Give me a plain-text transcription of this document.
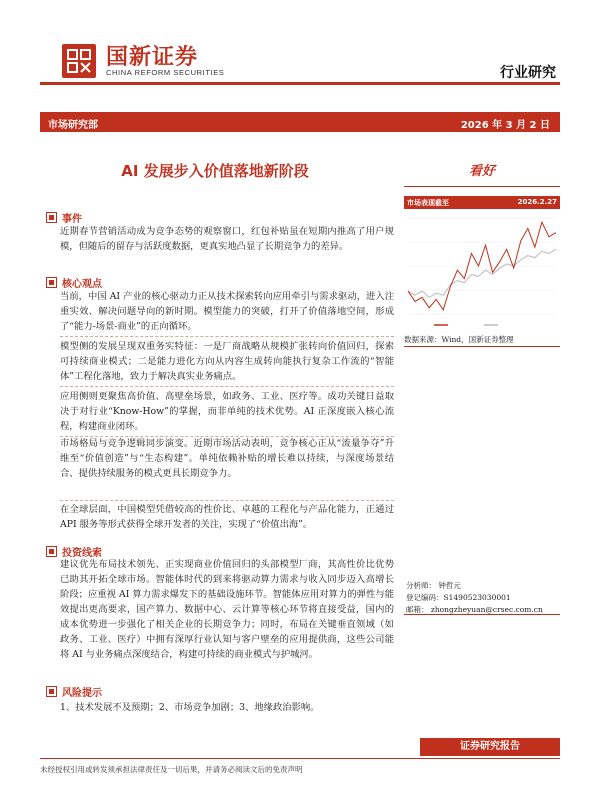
国新证券
CHINA REFORM SECURITIES	行业研究
市场研究部	2026 年 3 月 2 日
AI 发展步入价值落地新阶段	看好
事件
近期春节营销活动成为竞争态势的观察窗口，红包补贴虽在短期内推高了用户规模，但随后的留存与活跃度数据，更真实地凸显了长期竞争力的差异。
核心观点
当前，中国 AI 产业的核心驱动力正从技术探索转向应用牵引与需求驱动，进入注重实效、解决问题导向的新时期。模型能力的突破，打开了价值落地空间，形成了“能力-场景-商业”的正向循环。
模型侧的发展呈现双重务实特征：一是厂商战略从规模扩张转向价值回归，探索可持续商业模式；二是能力进化方向从内容生成转向能执行复杂工作流的“智能体”工程化落地，致力于解决真实业务痛点。
应用侧则更聚焦高价值、高壁垒场景，如政务、工业、医疗等。成功关键日益取决于对行业“Know-How”的掌握，而非单纯的技术优势。AI 正深度嵌入核心流程，构建商业闭环。
市场格局与竞争逻辑同步演变。近期市场活动表明，竞争核心正从“流量争夺”升维至“价值创造”与“生态构建”。单纯依赖补贴的增长难以持续，与深度场景结合、提供持续服务的模式更具长期竞争力。
在全球层面，中国模型凭借较高的性价比、卓越的工程化与产品化能力，正通过 API 服务等形式获得全球开发者的关注，实现了“价值出海”。
投资线索
建议优先布局技术领先、正实现商业价值回归的头部模型厂商，其高性价比优势已助其开拓全球市场。智能体时代的到来将驱动算力需求与收入同步迈入高增长阶段；应重视 AI 算力需求爆发下的基础设施环节。智能体应用对算力的弹性与能效提出更高要求，国产算力、数据中心、云计算等核心环节将直接受益，国内的成本优势进一步强化了相关企业的长期竞争力；同时，布局在关键垂直领域（如政务、工业、医疗）中拥有深厚行业认知与客户壁垒的应用提供商，这些公司能将 AI 与业务痛点深度结合，构建可持续的商业模式与护城河。
风险提示
1、技术发展不及预期；2、市场竞争加剧；3、地缘政治影响。
市场表现截至	2026.2.27
数据来源：Wind，国新证券整理
分析师： 钟哲元
登记编码：S1490523030001
邮箱： zhongzheyuan@crsec.com.cn
证券研究报告
未经授权引用或转发须承担法律责任及一切后果，并请务必阅读文后的免责声明
